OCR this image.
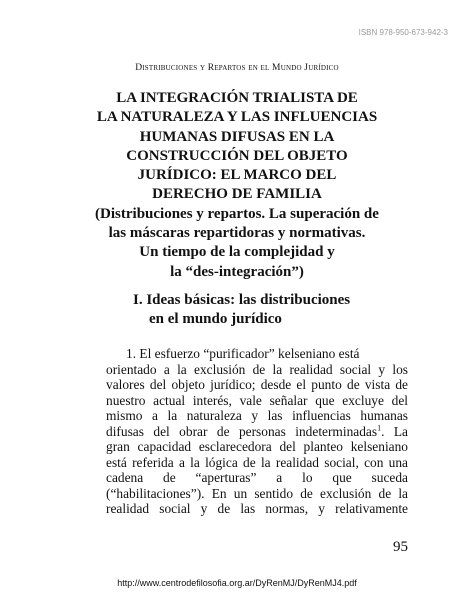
ISBN 978-950-673-942-3
Distribuciones y Repartos en el Mundo Jurídico
LA INTEGRACIÓN TRIALISTA DE
LA NATURALEZA Y LAS INFLUENCIAS
HUMANAS DIFUSAS EN LA
CONSTRUCCIÓN DEL OBJETO
JURÍDICO: EL MARCO DEL
DERECHO DE FAMILIA
(Distribuciones y repartos. La superación de
las máscaras repartidoras y normativas.
Un tiempo de la complejidad y
la “des-integración”)
I. Ideas básicas: las distribuciones
en el mundo jurídico
1. El esfuerzo “purificador” kelseniano está
orientado a la exclusión de la realidad social y los
valores del objeto jurídico; desde el punto de vista de
nuestro actual interés, vale señalar que excluye del
mismo a la naturaleza y las influencias humanas
difusas del obrar de personas indeterminadas$^1$. La
gran capacidad esclarecedora del planteo kelseniano
está referida a la lógica de la realidad social, con una
cadena de “aperturas” a lo que suceda
(“habilitaciones”). En un sentido de exclusión de la
realidad social y de las normas, y relativamente
95
http://www.centrodefilosofia.org.ar/DyRenMJ/DyRenMJ4.pdf
